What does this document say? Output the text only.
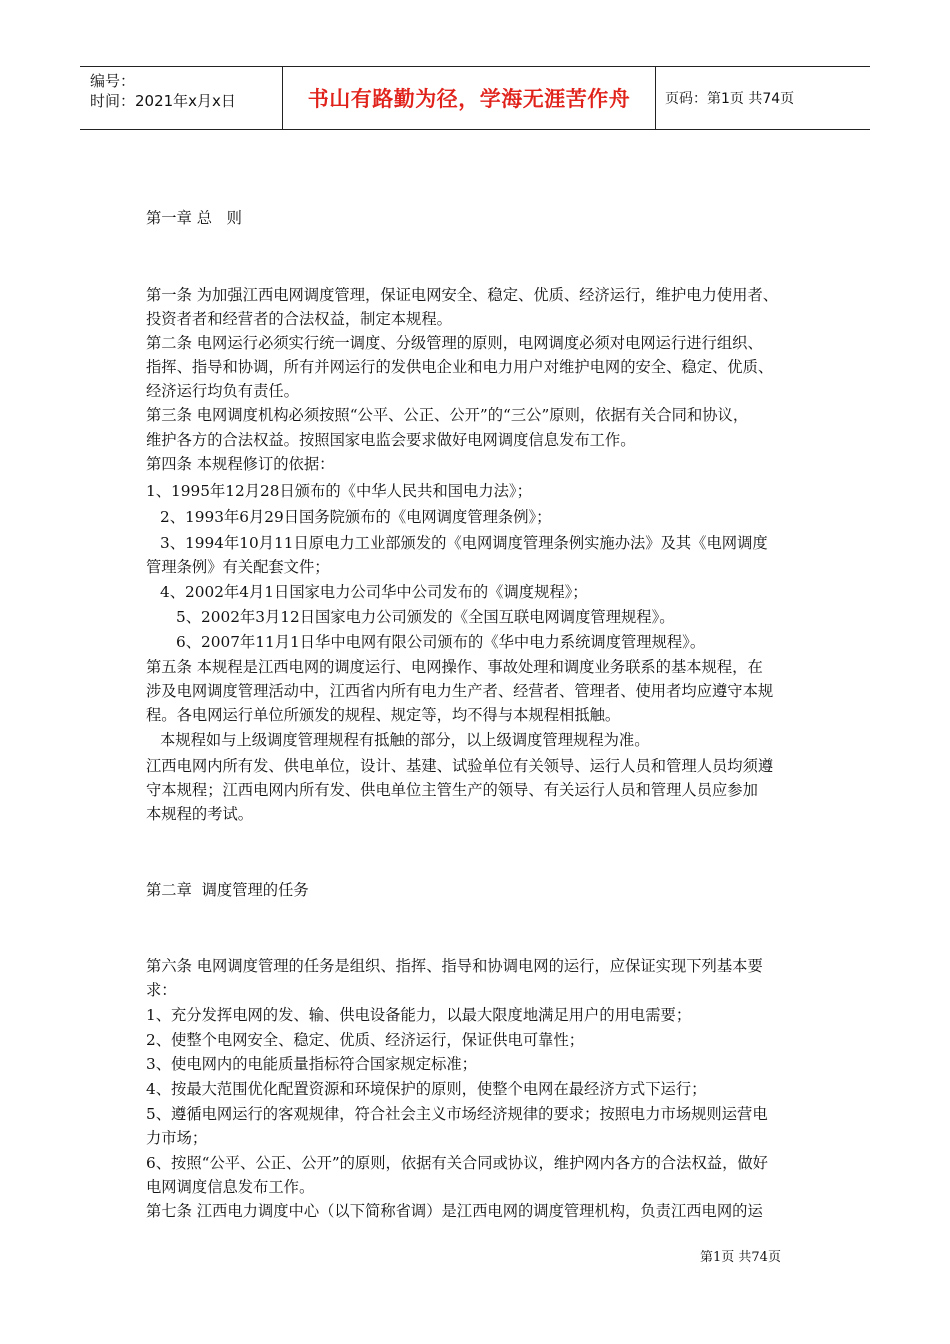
编号：
时间：2021年x月x日	书山有路勤为径，学海无涯苦作舟	页码：第1页 共74页
第一章 总   则
第一条 为加强江西电网调度管理，保证电网安全、稳定、优质、经济运行，维护电力使用者、
投资者者和经营者的合法权益，制定本规程。
第二条 电网运行必须实行统一调度、分级管理的原则，电网调度必须对电网运行进行组织、
指挥、指导和协调，所有并网运行的发供电企业和电力用户对维护电网的安全、稳定、优质、
经济运行均负有责任。
第三条 电网调度机构必须按照“公平、公正、公开”的“三公”原则，依据有关合同和协议，
维护各方的合法权益。按照国家电监会要求做好电网调度信息发布工作。
第四条 本规程修订的依据：
1、1995年12月28日颁布的《中华人民共和国电力法》；
2、1993年6月29日国务院颁布的《电网调度管理条例》；
3、1994年10月11日原电力工业部颁发的《电网调度管理条例实施办法》及其《电网调度
管理条例》有关配套文件；
4、2002年4月1日国家电力公司华中公司发布的《调度规程》；
5、2002年3月12日国家电力公司颁发的《全国互联电网调度管理规程》。
6、2007年11月1日华中电网有限公司颁布的《华中电力系统调度管理规程》。
第五条 本规程是江西电网的调度运行、电网操作、事故处理和调度业务联系的基本规程，在
涉及电网调度管理活动中，江西省内所有电力生产者、经营者、管理者、使用者均应遵守本规
程。各电网运行单位所颁发的规程、规定等，均不得与本规程相抵触。
本规程如与上级调度管理规程有抵触的部分，以上级调度管理规程为准。
江西电网内所有发、供电单位，设计、基建、试验单位有关领导、运行人员和管理人员均须遵
守本规程；江西电网内所有发、供电单位主管生产的领导、有关运行人员和管理人员应参加
本规程的考试。
第二章  调度管理的任务
第六条 电网调度管理的任务是组织、指挥、指导和协调电网的运行，应保证实现下列基本要
求：
1、充分发挥电网的发、输、供电设备能力，以最大限度地满足用户的用电需要；
2、使整个电网安全、稳定、优质、经济运行，保证供电可靠性；
3、使电网内的电能质量指标符合国家规定标准；
4、按最大范围优化配置资源和环境保护的原则，使整个电网在最经济方式下运行；
5、遵循电网运行的客观规律，符合社会主义市场经济规律的要求；按照电力市场规则运营电
力市场；
6、按照“公平、公正、公开”的原则，依据有关合同或协议，维护网内各方的合法权益，做好
电网调度信息发布工作。
第七条 江西电力调度中心（以下简称省调）是江西电网的调度管理机构，负责江西电网的运
第1页 共74页
